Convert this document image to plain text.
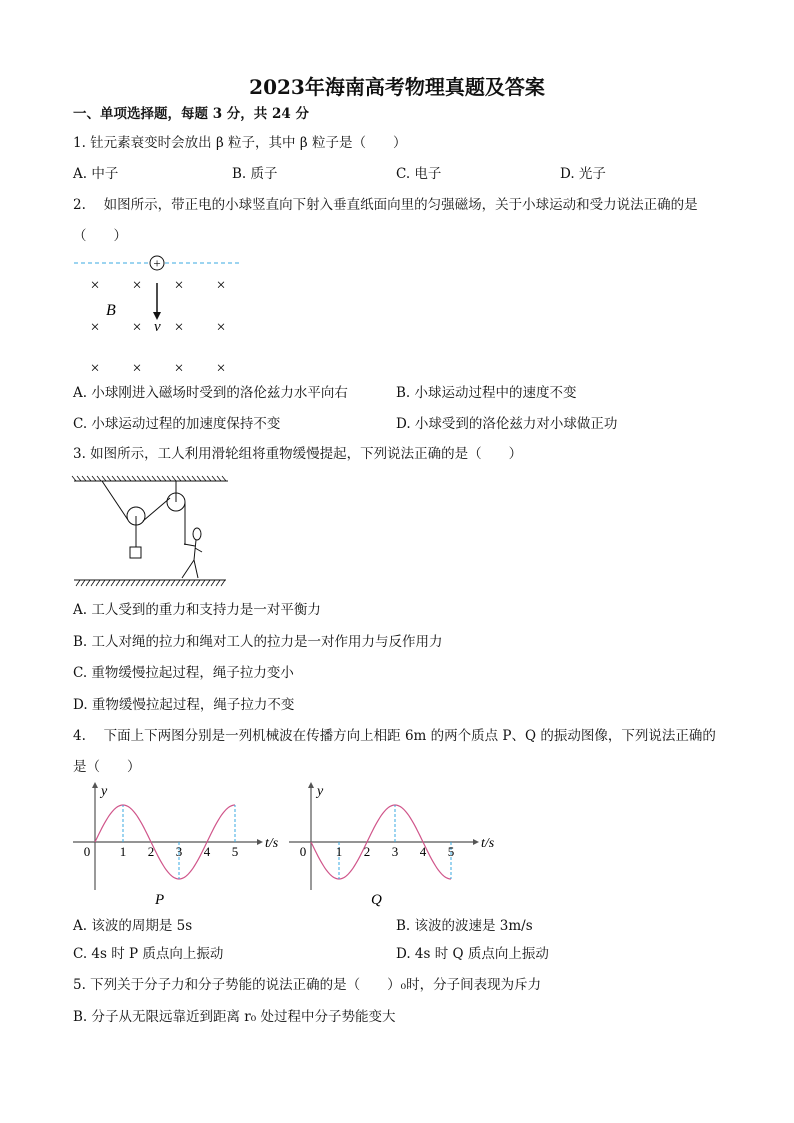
2023年海南高考物理真题及答案
一、单项选择题，每题 3 分，共 24 分
1. 钍元素衰变时会放出 β 粒子，其中 β 粒子是（　　）
A. 中子	B. 质子	C. 电子	D. 光子
2.　 如图所示，带正电的小球竖直向下射入垂直纸面向里的匀强磁场，关于小球运动和受力说法正确的是
（　　）
+
B
v
× × × ×
× × × ×
× × × ×
A. 小球刚进入磁场时受到的洛伦兹力水平向右	B. 小球运动过程中的速度不变
C. 小球运动过程的加速度保持不变	D. 小球受到的洛伦兹力对小球做正功
3. 如图所示，工人利用滑轮组将重物缓慢提起，下列说法正确的是（　　）
A. 工人受到的重力和支持力是一对平衡力
B. 工人对绳的拉力和绳对工人的拉力是一对作用力与反作用力
C. 重物缓慢拉起过程，绳子拉力变小
D. 重物缓慢拉起过程，绳子拉力不变
4.　 下面上下两图分别是一列机械波在传播方向上相距 6m 的两个质点 P、Q 的振动图像，下列说法正确的
是（　　）
0 1 2 3 4 5
y
t/s
P
0 1 2 3 4 5
y
t/s
Q
A. 该波的周期是 5s	B. 该波的波速是 3m/s
C. 4s 时 P 质点向上振动	D. 4s 时 Q 质点向上振动
5. 下列关于分子力和分子势能的说法正确的是（　　）₀时，分子间表现为斥力
B. 分子从无限远靠近到距离 r₀ 处过程中分子势能变大
